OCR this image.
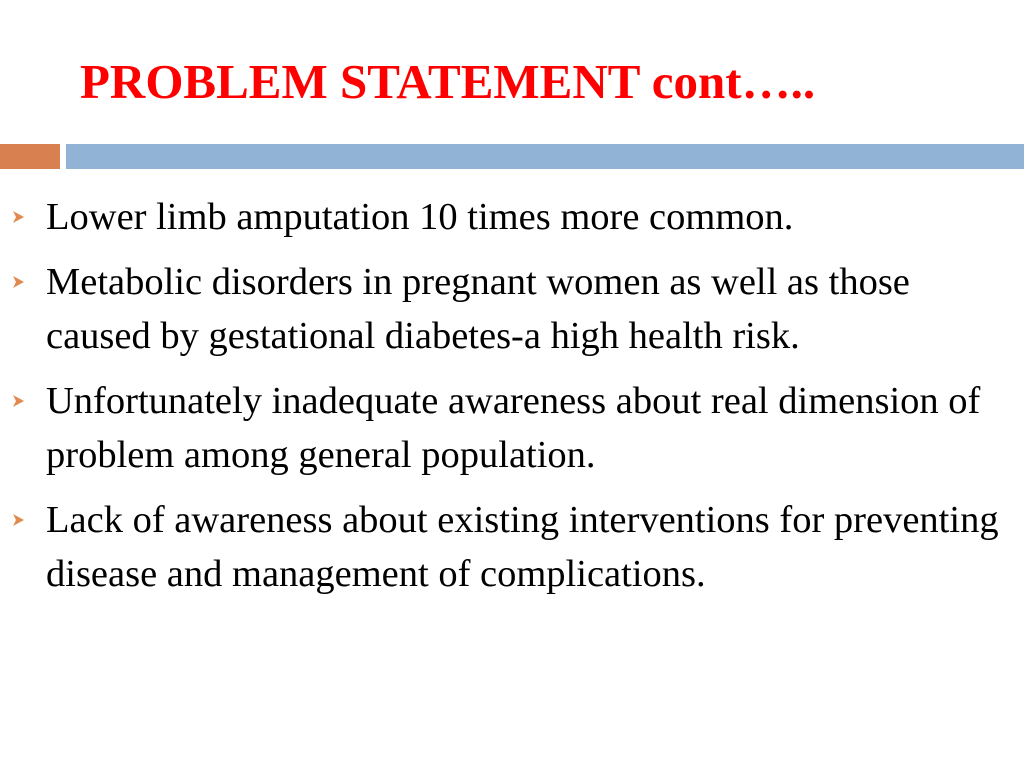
PROBLEM STATEMENT cont…..
Lower limb amputation 10 times more common.
Metabolic disorders in pregnant women as well as those caused by gestational diabetes-a high health risk.
Unfortunately inadequate awareness about real dimension of problem among general population.
Lack of awareness about existing interventions for preventing disease and management of complications.
